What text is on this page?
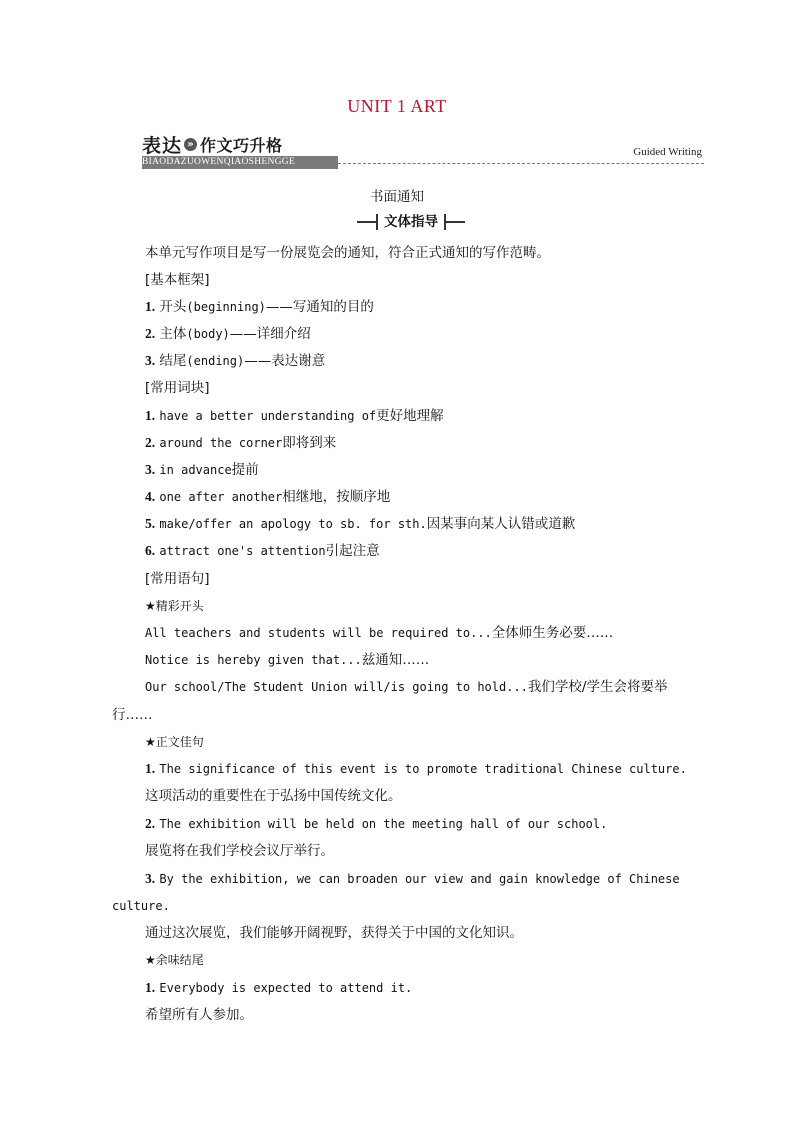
UNIT 1 ART
表达 » 作文巧升格
BIAODAZUOWENQIAOSHENGGE
Guided Writing
书面通知
文体指导
本单元写作项目是写一份展览会的通知，符合正式通知的写作范畴。
[基本框架]
1. 开头(beginning)——写通知的目的
2. 主体(body)——详细介绍
3. 结尾(ending)——表达谢意
[常用词块]
1. have a better understanding of更好地理解
2. around the corner即将到来
3. in advance提前
4. one after another相继地，按顺序地
5. make/offer an apology to sb. for sth.因某事向某人认错或道歉
6. attract one's attention引起注意
[常用语句]
★精彩开头
All teachers and students will be required to...全体师生务必要……
Notice is hereby given that...兹通知……
Our school/The Student Union will/is going to hold...我们学校/学生会将要举
行……
★正文佳句
1. The significance of this event is to promote traditional Chinese culture.
这项活动的重要性在于弘扬中国传统文化。
2. The exhibition will be held on the meeting hall of our school.
展览将在我们学校会议厅举行。
3. By the exhibition, we can broaden our view and gain knowledge of Chinese
culture.
通过这次展览，我们能够开阔视野，获得关于中国的文化知识。
★余味结尾
1. Everybody is expected to attend it.
希望所有人参加。
